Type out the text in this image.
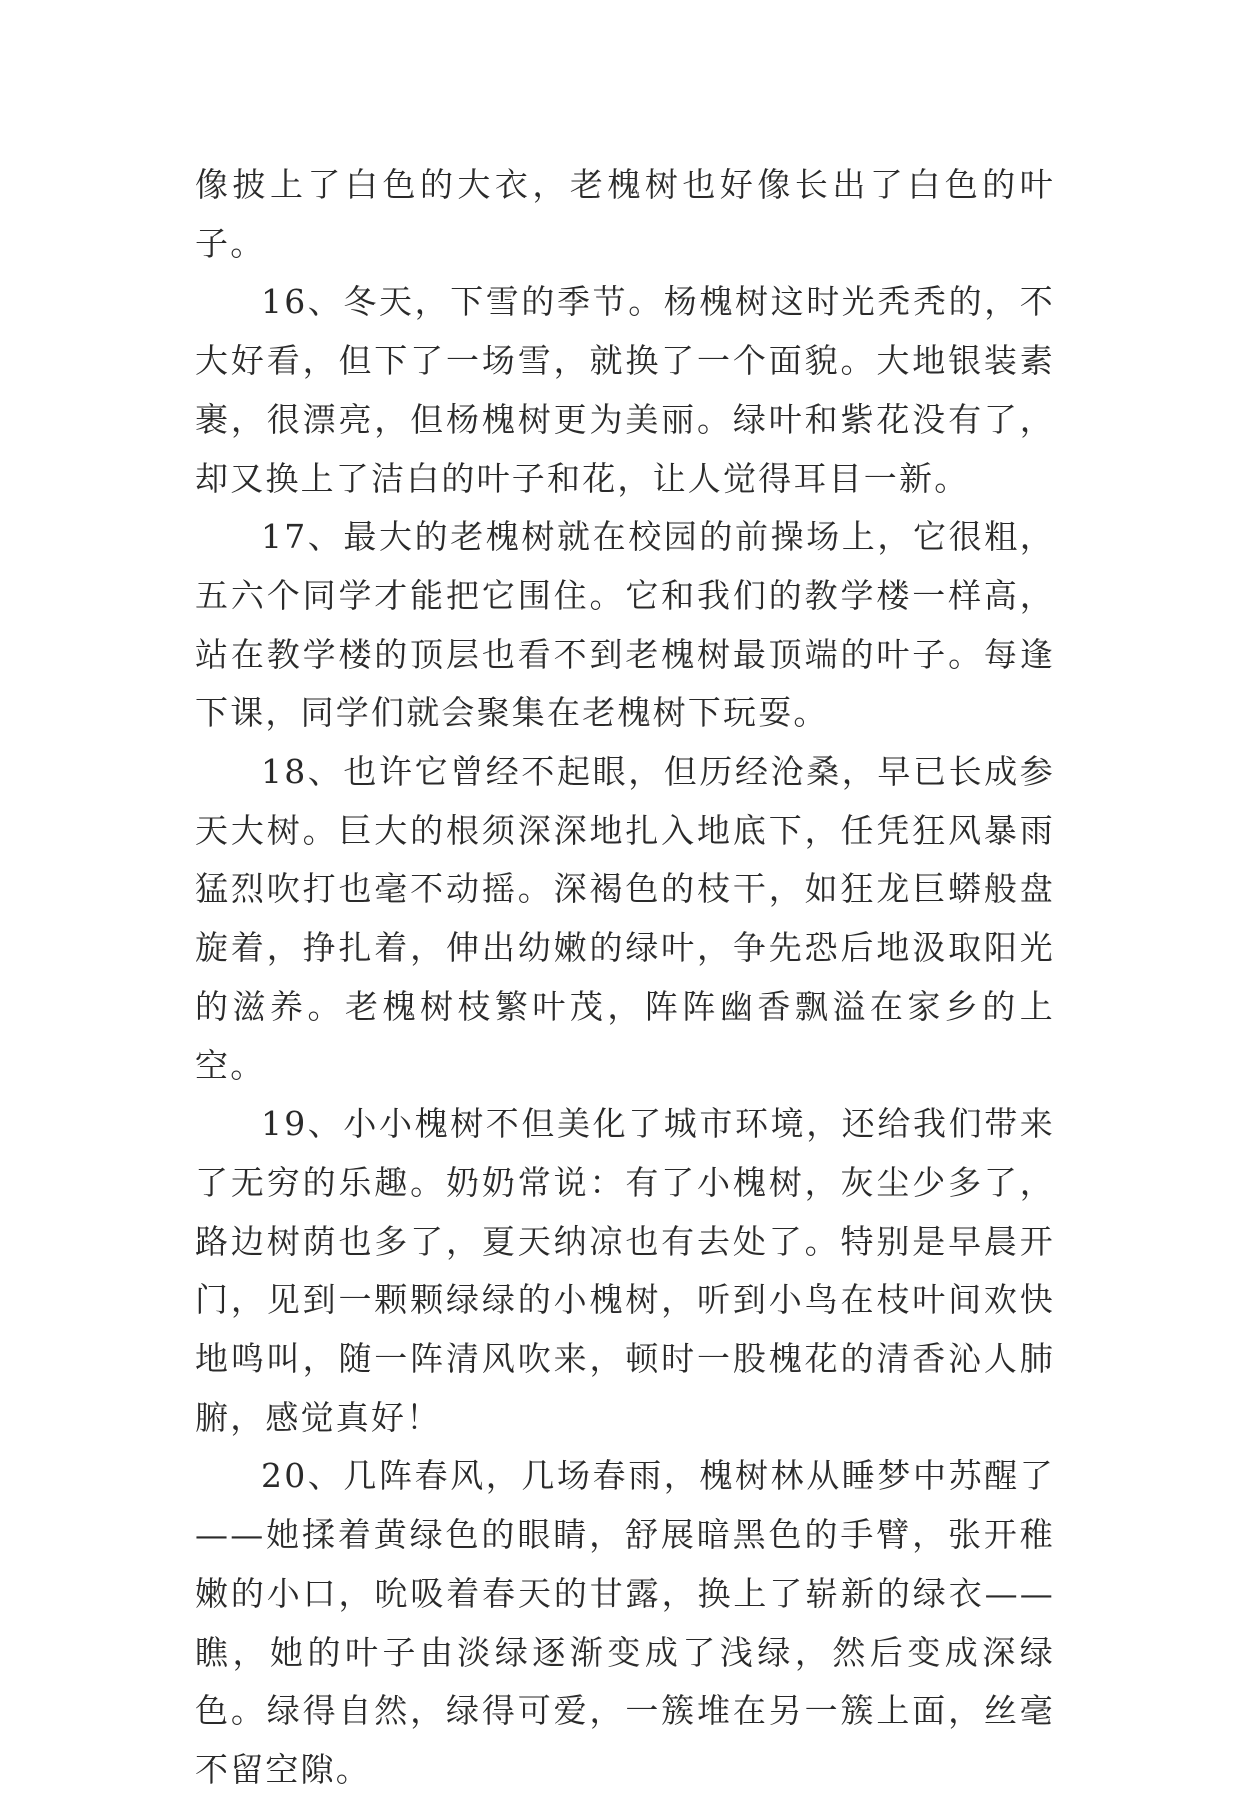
像披上了白色的大衣，老槐树也好像长出了白色的叶子。

16、冬天，下雪的季节。杨槐树这时光秃秃的，不大好看，但下了一场雪，就换了一个面貌。大地银装素裹，很漂亮，但杨槐树更为美丽。绿叶和紫花没有了，却又换上了洁白的叶子和花，让人觉得耳目一新。

17、最大的老槐树就在校园的前操场上，它很粗，五六个同学才能把它围住。它和我们的教学楼一样高，站在教学楼的顶层也看不到老槐树最顶端的叶子。每逢下课，同学们就会聚集在老槐树下玩耍。

18、也许它曾经不起眼，但历经沧桑，早已长成参天大树。巨大的根须深深地扎入地底下，任凭狂风暴雨猛烈吹打也毫不动摇。深褐色的枝干，如狂龙巨蟒般盘旋着，挣扎着，伸出幼嫩的绿叶，争先恐后地汲取阳光的滋养。老槐树枝繁叶茂，阵阵幽香飘溢在家乡的上空。

19、小小槐树不但美化了城市环境，还给我们带来了无穷的乐趣。奶奶常说：有了小槐树，灰尘少多了，路边树荫也多了，夏天纳凉也有去处了。特别是早晨开门，见到一颗颗绿绿的小槐树，听到小鸟在枝叶间欢快地鸣叫，随一阵清风吹来，顿时一股槐花的清香沁人肺腑，感觉真好！

20、几阵春风，几场春雨，槐树林从睡梦中苏醒了——她揉着黄绿色的眼睛，舒展暗黑色的手臂，张开稚嫩的小口，吮吸着春天的甘露，换上了崭新的绿衣——瞧，她的叶子由淡绿逐渐变成了浅绿，然后变成深绿色。绿得自然，绿得可爱，一簇堆在另一簇上面，丝毫不留空隙。
